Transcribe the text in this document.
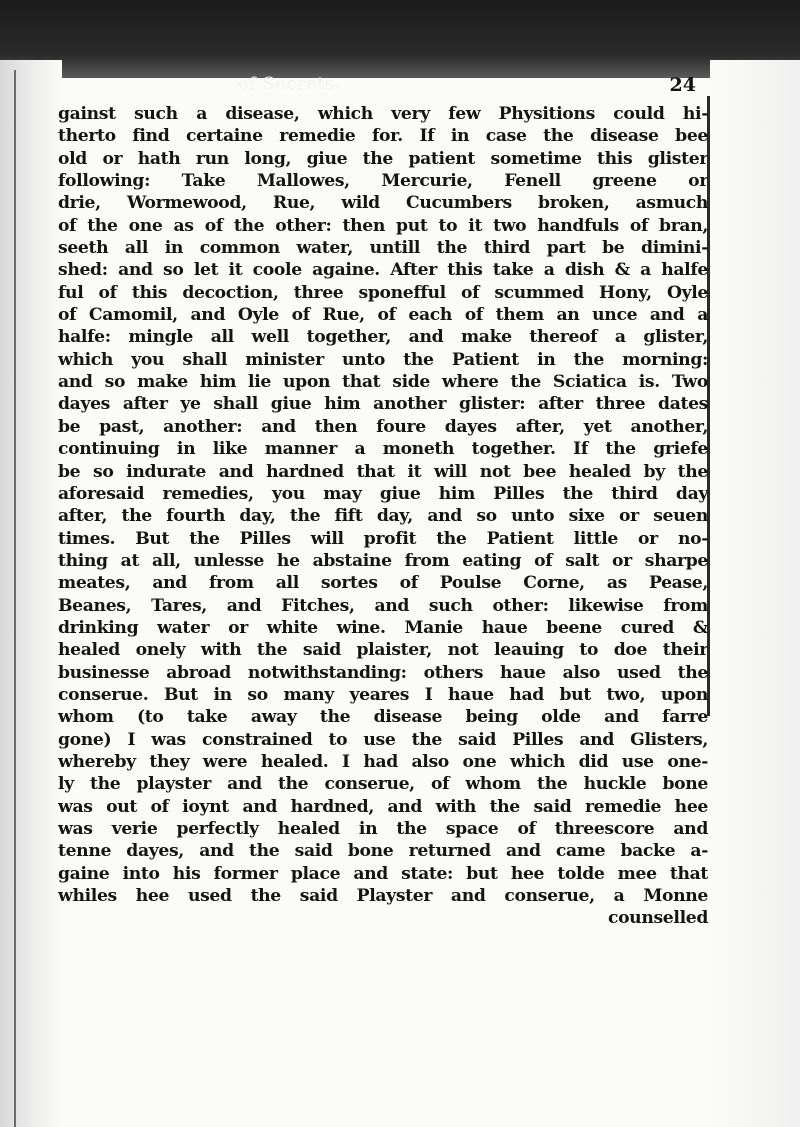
of Secrets.	24
gainst such a disease, which very few Physitions could hi-
therto find certaine remedie for. If in case the disease bee
old or hath run long, giue the patient sometime this glister
following: Take Mallowes, Mercurie, Fenell greene or
drie, Wormewood, Rue, wild Cucumbers broken, asmuch
of the one as of the other: then put to it two handfuls of bran,
seeth all in common water, untill the third part be dimini-
shed: and so let it coole againe. After this take a dish & a halfe
ful of this decoction, three sponefful of scummed Hony, Oyle
of Camomil, and Oyle of Rue, of each of them an unce and a
halfe: mingle all well together, and make thereof a glister,
which you shall minister unto the Patient in the morning:
and so make him lie upon that side where the Sciatica is. Two
dayes after ye shall giue him another glister: after three dates
be past, another: and then foure dayes after, yet another,
continuing in like manner a moneth together. If the griefe
be so indurate and hardned that it will not bee healed by the
aforesaid remedies, you may giue him Pilles the third day
after, the fourth day, the fift day, and so unto sixe or seuen
times. But the Pilles will profit the Patient little or no-
thing at all, unlesse he abstaine from eating of salt or sharpe
meates, and from all sortes of Poulse Corne, as Pease,
Beanes, Tares, and Fitches, and such other: likewise from
drinking water or white wine. Manie haue beene cured &
healed onely with the said plaister, not leauing to doe their
businesse abroad notwithstanding: others haue also used the
conserue. But in so many yeares I haue had but two, upon
whom (to take away the disease being olde and farre
gone) I was constrained to use the said Pilles and Glisters,
whereby they were healed. I had also one which did use one-
ly the playster and the conserue, of whom the huckle bone
was out of ioynt and hardned, and with the said remedie hee
was verie perfectly healed in the space of threescore and
tenne dayes, and the said bone returned and came backe a-
gaine into his former place and state: but hee tolde mee that
whiles hee used the said Playster and conserue, a Monne
counselled
